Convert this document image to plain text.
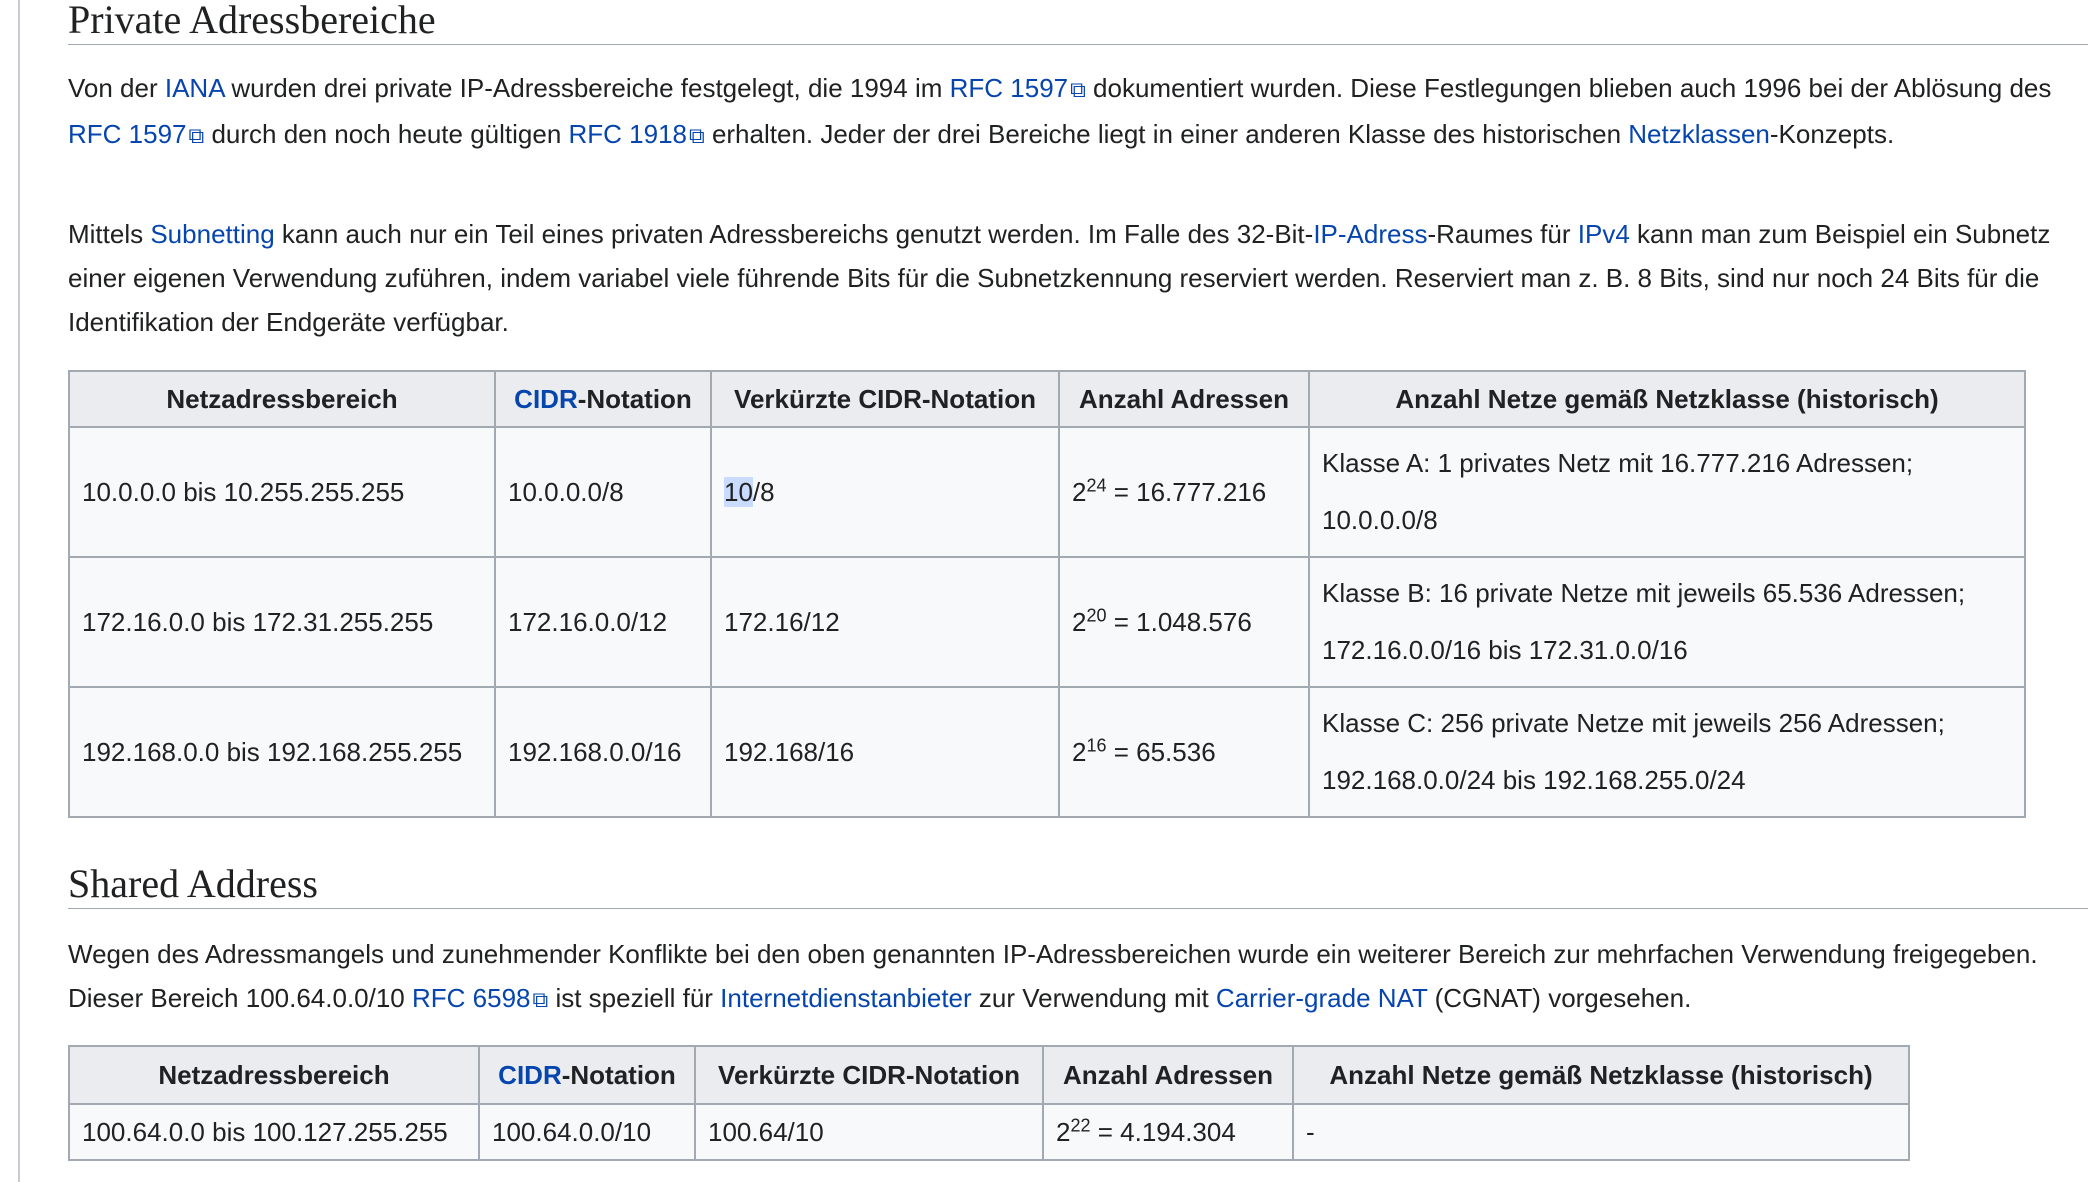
Private Adressbereiche

Von der IANA wurden drei private IP-Adressbereiche festgelegt, die 1994 im RFC 1597⧉ dokumentiert wurden. Diese Festlegungen blieben auch 1996 bei der Ablösung des RFC 1597⧉ durch den noch heute gültigen RFC 1918⧉ erhalten. Jeder der drei Bereiche liegt in einer anderen Klasse des historischen Netzklassen-Konzepts.

Mittels Subnetting kann auch nur ein Teil eines privaten Adressbereichs genutzt werden. Im Falle des 32-Bit-IP-Adress-Raumes für IPv4 kann man zum Beispiel ein Subnetz einer eigenen Verwendung zuführen, indem variabel viele führende Bits für die Subnetzkennung reserviert werden. Reserviert man z. B. 8 Bits, sind nur noch 24 Bits für die Identifikation der Endgeräte verfügbar.

Netzadressbereich	CIDR-Notation	Verkürzte CIDR-Notation	Anzahl Adressen	Anzahl Netze gemäß Netzklasse (historisch)
10.0.0.0 bis 10.255.255.255	10.0.0.0/8	10/8	$2^{24} = 16.777.216$	Klasse A: 1 privates Netz mit 16.777.216 Adressen;
10.0.0.0/8

172.16.0.0 bis 172.31.255.255	172.16.0.0/12	172.16/12	$2^{20} = 1.048.576$	Klasse B: 16 private Netze mit jeweils 65.536 Adressen;
172.16.0.0/16 bis 172.31.0.0/16

192.168.0.0 bis 192.168.255.255	192.168.0.0/16	192.168/16	$2^{16} = 65.536$	Klasse C: 256 private Netze mit jeweils 256 Adressen;
192.168.0.0/24 bis 192.168.255.0/24
Shared Address

Wegen des Adressmangels und zunehmender Konflikte bei den oben genannten IP-Adressbereichen wurde ein weiterer Bereich zur mehrfachen Verwendung freigegeben. Dieser Bereich 100.64.0.0/10 RFC 6598⧉ ist speziell für Internetdienstanbieter zur Verwendung mit Carrier-grade NAT (CGNAT) vorgesehen.

Netzadressbereich	CIDR-Notation	Verkürzte CIDR-Notation	Anzahl Adressen	Anzahl Netze gemäß Netzklasse (historisch)
100.64.0.0 bis 100.127.255.255	100.64.0.0/10	100.64/10	$2^{22} = 4.194.304$	-
